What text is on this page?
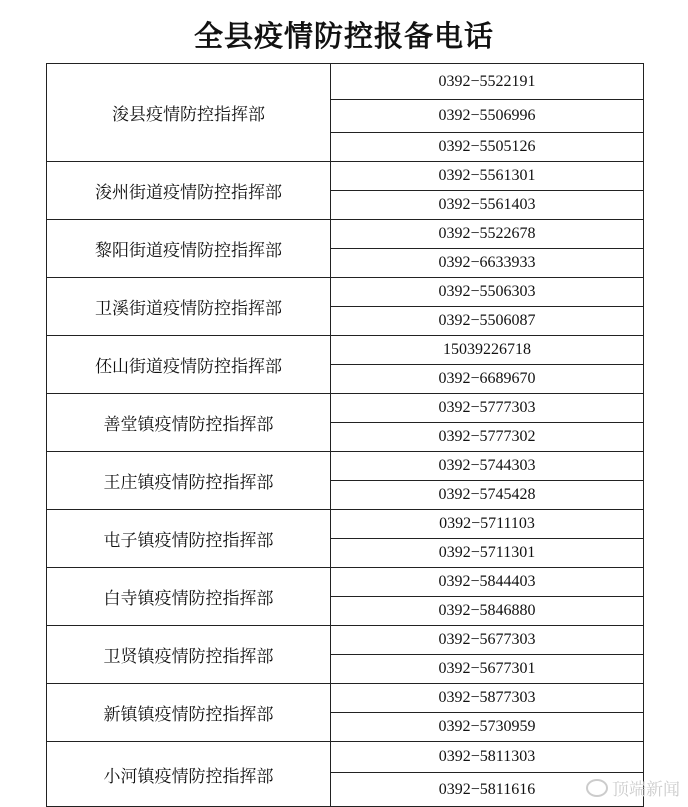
全县疫情防控报备电话
浚县疫情防控指挥部
0392−5522191
0392−5506996
0392−5505126
浚州街道疫情防控指挥部
0392−5561301
0392−5561403
黎阳街道疫情防控指挥部
0392−5522678
0392−6633933
卫溪街道疫情防控指挥部
0392−5506303
0392−5506087
伾山街道疫情防控指挥部
15039226718
0392−6689670
善堂镇疫情防控指挥部
0392−5777303
0392−5777302
王庄镇疫情防控指挥部
0392−5744303
0392−5745428
屯子镇疫情防控指挥部
0392−5711103
0392−5711301
白寺镇疫情防控指挥部
0392−5844403
0392−5846880
卫贤镇疫情防控指挥部
0392−5677303
0392−5677301
新镇镇疫情防控指挥部
0392−5877303
0392−5730959
小河镇疫情防控指挥部
0392−5811303
0392−5811616	顶端新闻
